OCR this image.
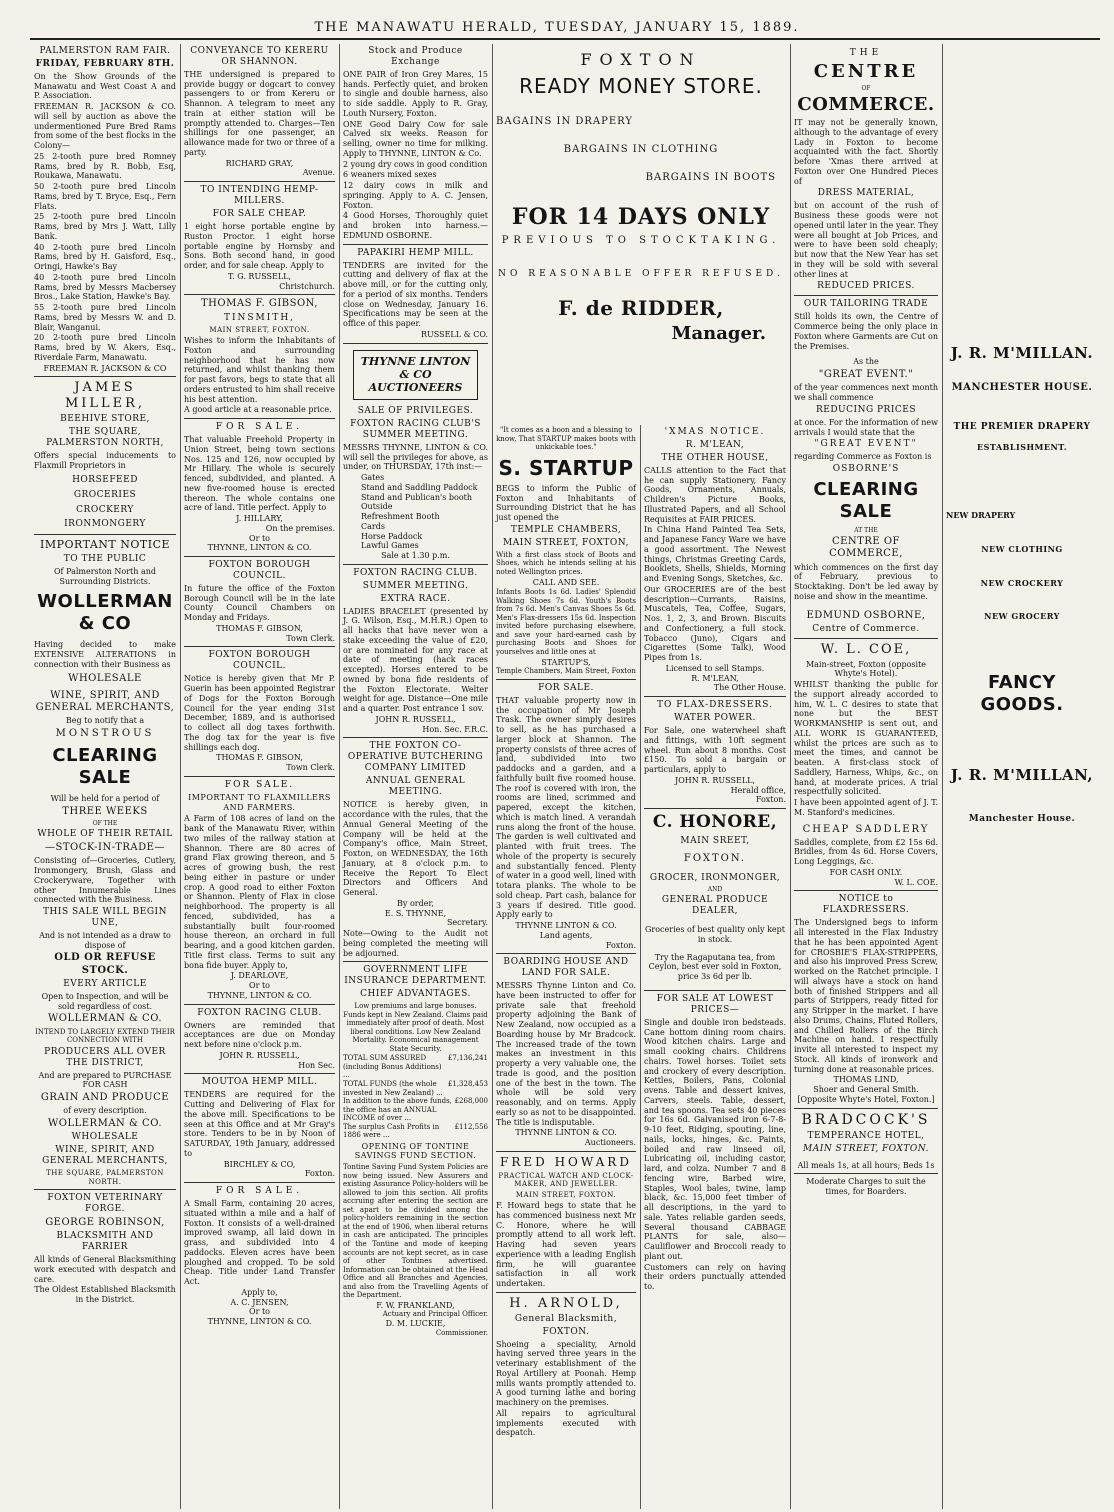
THE MANAWATU HERALD, TUESDAY, JANUARY 15, 1889.
PALMERSTON RAM FAIR.
FRIDAY, FEBRUARY 8TH.

On the Show Grounds of the Manawatu and West Coast A and P. Association.

FREEMAN R. JACKSON & CO. will sell by auction as above the undermentioned Pure Bred Rams from some of the best flocks in the Colony—

25 2-tooth pure bred Romney Rams, bred by R. Bobb, Esq, Roukawa, Manawatu.

50 2-tooth pure bred Lincoln Rams, bred by T. Bryce, Esq., Fern Flats.

25 2-tooth pure bred Lincoln Rams, bred by Mrs J. Watt, Lilly Bank.

40 2-tooth pure bred Lincoln Rams, bred by H. Gaisford, Esq., Oringi, Hawke's Bay

40 2-tooth pure bred Lincoln Rams, bred by Messrs Macbersey Bros., Lake Station, Hawke's Bay.

55 2-tooth pure bred Lincoln Rams, bred by Messrs W. and D. Blair, Wanganui.

20 2-tooth pure bred Lincoln Rams, bred by W. Akers, Esq., Riverdale Farm, Manawatu.

FREEMAN R. JACKSON & CO
JAMES MILLER,
BEEHIVE STORE,
THE SQUARE, PALMERSTON NORTH,

Offers special inducements to Flaxmill Proprietors in

HORSEFEED
GROCERIES
CROCKERY
IRONMONGERY
IMPORTANT NOTICE
TO THE PUBLIC
Of Palmerston North and Surrounding Districts.
WOLLERMAN & CO

Having decided to make EXTENSIVE ALTERATIONS in connection with their Business as

WHOLESALE
WINE, SPIRIT, AND GENERAL MERCHANTS,
Beg to notify that a
MONSTROUS
CLEARING SALE
Will be held for a period of
THREE WEEKS
OF THE
WHOLE OF THEIR RETAIL
—STOCK-IN-TRADE—

Consisting of—Groceries, Cutlery, Ironmongery, Brush, Glass and Crockeryware, Together with other Innumerable Lines connected with the Business.

THIS SALE WILL BEGIN UNE,
And is not intended as a draw to dispose of
OLD OR REFUSE STOCK.
EVERY ARTICLE
Open to Inspection, and will be sold regardless of cost.
WOLLERMAN & CO.
INTEND TO LARGELY EXTEND THEIR CONNECTION WITH
PRODUCERS ALL OVER THE DISTRICT,
And are prepared to PURCHASE FOR CASH
GRAIN AND PRODUCE
of every description.
WOLLERMAN & CO.
WHOLESALE
WINE, SPIRIT, AND GENERAL MERCHANTS,
THE SQUARE, PALMERSTON NORTH.
FOXTON VETERINARY FORGE.
GEORGE ROBINSON,
BLACKSMITH AND FARRIER

All kinds of General Blacksmithing work executed with despatch and care.

The Oldest Established Blacksmith in the District.
CONVEYANCE TO KERERU OR SHANNON.

THE undersigned is prepared to provide buggy or dogcart to convey passengers to or from Kereru or Shannon. A telegram to meet any train at either station will be promptly attended to. Charges—Ten shillings for one passenger, an allowance made for two or three of a party.

RICHARD GRAY,
Avenue.
TO INTENDING HEMP-MILLERS.
FOR SALE CHEAP.

1 eight horse portable engine by Ruston Proctor. 1 eight horse portable engine by Hornsby and Sons. Both second hand, in good order, and for sale cheap. Apply to

T. G. RUSSELL,
Christchurch.
THOMAS F. GIBSON,
TINSMITH,
MAIN STREET, FOXTON.

Wishes to inform the Inhabitants of Foxton and surrounding neighborhood that he has now returned, and whilst thanking them for past favors, begs to state that all orders entrusted to him shall receive his best attention.

A good article at a reasonable price.

FOR SALE.

That valuable Freehold Property in Union Street, being town sections Nos. 125 and 126, now occupied by Mr Hillary. The whole is securely fenced, subdivided, and planted. A new five-roomed house is erected thereon. The whole contains one acre of land. Title perfect. Apply to

J. HILLARY,
On the premises.
Or to
THYNNE, LINTON & CO.
FOXTON BOROUGH COUNCIL.

In future the office of the Foxton Borough Council will be in the late County Council Chambers on Monday and Fridays.

THOMAS F. GIBSON,
Town Clerk.
FOXTON BOROUGH COUNCIL.

Notice is hereby given that Mr P. Guerin has been appointed Registrar of Dogs for the Foxton Borough Council for the year ending 31st December, 1889, and is authorised to collect all dog taxes forthwith. The dog tax for the year is five shillings each dog.

THOMAS F. GIBSON,
Town Clerk.
FOR SALE.
IMPORTANT TO FLAXMILLERS AND FARMERS.

A Farm of 108 acres of land on the bank of the Manawatu River, within two miles of the railway station at Shannon. There are 80 acres of grand Flax growing thereon, and 5 acres of growing bush, the rest being either in pasture or under crop. A good road to either Foxton or Shannon. Plenty of Flax in close neighborhood. The property is all fenced, subdivided, has a substantially built four-roomed house thereon, an orchard in full bearing, and a good kitchen garden. Title first class. Terms to suit any bona fide buyer. Apply to,

J. DEARLOVE,
Or to
THYNNE, LINTON & CO.
FOXTON RACING CLUB.

Owners are reminded that acceptances are due on Monday next before nine o'clock p.m.

JOHN R. RUSSELL,
Hon Sec.
MOUTOA HEMP MILL.

TENDERS are required for the Cutting and Delivering of Flax for the above mill. Specifications to be seen at this Office and at Mr Gray's store. Tenders to be in by Noon of SATURDAY, 19th January, addressed to

BIRCHLEY & CO,
Foxton.
FOR SALE.

A Small Farm, containing 20 acres, situated within a mile and a half of Foxton. It consists of a well-drained improved swamp, all laid down in grass, and subdivided into 4 paddocks. Eleven acres have been ploughed and cropped. To be sold Cheap. Title under Land Transfer Act.

Apply to,
A. C. JENSEN,
Or to
THYNNE, LINTON & CO.
Stock and Produce Exchange

ONE PAIR of Iron Grey Mares, 15 hands. Perfectly quiet, and broken to single and double harness, also to side saddle. Apply to R. Gray, Louth Nursery, Foxton.

ONE Good Dairy Cow for sale Calved six weeks. Reason for selling, owner no time for milking. Apply to THYNNE, LINTON & Co.

2 young dry cows in good condition

6 weaners mixed sexes

12 dairy cows in milk and springing. Apply to A. C. Jensen, Foxton.

4 Good Horses, Thoroughly quiet and broken into harness.—EDMUND OSBORNE.

PAPAKIRI HEMP MILL.

TENDERS are invited for the cutting and delivery of flax at the above mill, or for the cutting only, for a period of six months. Tenders close on Wednesday, January 16. Specifications may be seen at the office of this paper.

RUSSELL & CO.
THYNNE LINTON & CO
AUCTIONEERS
SALE OF PRIVILEGES.
FOXTON RACING CLUB'S SUMMER MEETING.

MESSRS THYNNE, LINTON & CO. will sell the privileges for above, as under, on THURSDAY, 17th inst:—

Gates
Stand and Saddling Paddock
Stand and Publican's booth
Outside
Refreshment Booth
Cards
Horse Paddock
Lawful Games
Sale at 1.30 p.m.
FOXTON RACING CLUB.
SUMMER MEETING.
EXTRA RACE.

LADIES BRACELET (presented by J. G. Wilson, Esq., M.H.R.) Open to all hacks that have never won a stake exceeding the value of £20, or are nominated for any race at date of meeting (hack races excepted). Horses entered to be owned by bona fide residents of the Foxton Electorate. Welter weight for age. Distance—One mile and a quarter. Post entrance 1 sov.

JOHN R. RUSSELL,
Hon. Sec. F.R.C.
THE FOXTON CO-OPERATIVE BUTCHERING COMPANY LIMITED
ANNUAL GENERAL MEETING.

NOTICE is hereby given, in accordance with the rules, that the Annual General Meeting of the Company will be held at the Company's office, Main Street, Foxton, on WEDNESDAY, the 16th January, at 8 o'clock p.m. to Receive the Report To Elect Directors and Officers And General.

By order,
E. S. THYNNE,
Secretary.

Note—Owing to the Audit not being completed the meeting will be adjourned.

GOVERNMENT LIFE INSURANCE DEPARTMENT.
CHIEF ADVANTAGES.

Low premiums and large bonuses. Funds kept in New Zealand. Claims paid immediately after proof of death. Most liberal conditions. Low New Zealand Mortality. Economical management State Security.

TOTAL SUM ASSURED (including Bonus Additions) ...
£7,136,241
TOTAL FUNDS (the whole invested in New Zealand) ...
£1,328,453
In addition to the above funds, the office has an ANNUAL INCOME of over ...
£268,000
The surplus Cash Profits in 1886 were ...
£112,556
OPENING OF TONTINE SAVINGS FUND SECTION.

Tontine Saving Fund System Policies are now being issued. New Assurers and existing Assurance Policy-holders will be allowed to join this section. All profits accruing after entering the section are set apart to be divided among the policy-holders remaining in the section at the end of 1906, when liberal returns in cash are anticipated. The principles of the Tontine and mode of keeping accounts are not kept secret, as in case of other Tontines advertised. Information can be obtained at the Head Office and all Branches and Agencies, and also from the Travelling Agents of the Department.

F. W. FRANKLAND,
Actuary and Principal Officer.
D. M. LUCKIE,
Commissioner.
FOXTON
READY MONEY STORE.
BAGAINS IN DRAPERY
BARGAINS IN CLOTHING
BARGAINS IN BOOTS
FOR 14 DAYS ONLY
PREVIOUS TO STOCKTAKING.
NO REASONABLE OFFER REFUSED.
F. de RIDDER,
Manager.

"It comes as a boon and a blessing to know, That STARTUP makes boots with unkickable toes."

S. STARTUP

BEGS to inform the Public of Foxton and Inhabitants of Surrounding District that he has just opened the

TEMPLE CHAMBERS,
MAIN STREET, FOXTON,

With a first class stock of Boots and Shoes, which he intends selling at his noted Wellington prices.

CALL AND SEE.

Infants Boots 1s 6d. Ladies' Splendid Walking Shoes 7s 6d. Youth's Boots from 7s 6d. Men's Canvas Shoes 5s 6d. Men's Flax-dressers 15s 6d. Inspection invited before purchasing elsewhere, and save your hard-earned cash by purchasing Boots and Shoes for yourselves and little ones at

STARTUP'S,
Temple Chambers, Main Street, Foxton
FOR SALE.

THAT valuable property now in the occupation of Mr Joseph Trask. The owner simply desires to sell, as he has purchased a larger block at Shannon. The property consists of three acres of land, subdivided into two paddocks and a garden, and a faithfully built five roomed house. The roof is covered with iron, the rooms are lined, scrimmed and papered, except the kitchen, which is match lined. A verandah runs along the front of the house. The garden is well cultivated and planted with fruit trees. The whole of the property is securely and substantially fenced. Plenty of water in a good well, lined with totara planks. The whole to be sold cheap. Part cash, balance for 3 years if desired. Title good. Apply early to

THYNNE LINTON & CO.
Land agents,
Foxton.
BOARDING HOUSE AND LAND FOR SALE.

MESSRS Thynne Linton and Co. have been instructed to offer for private sale that freehold property adjoining the Bank of New Zealand, now occupied as a Boarding house by Mr Bradcock. The increased trade of the town makes an investment in this property a very valuable one, the trade is good, and the position one of the best in the town. The whole will be sold very reasonably, and on terms. Apply early so as not to be disappointed. The title is indisputable.

THYNNE LINTON & CO.
Auctioneers.
FRED HOWARD
PRACTICAL WATCH AND CLOCK-MAKER, AND JEWELLER.
MAIN STREET, FOXTON.

F. Howard begs to state that he has commenced business next Mr C. Honore, where he will promptly attend to all work left. Having had seven years experience with a leading English firm, he will guarantee satisfaction in all work undertaken.

H. ARNOLD,
General Blacksmith,
FOXTON.

Shoeing a speciality, Arnold having served three years in the veterinary establishment of the Royal Artillery at Poonah. Hemp mills wants promptly attended to. A good turning lathe and boring machinery on the premises.

All repairs to agricultural implements executed with despatch.

'XMAS NOTICE.
R. M'LEAN,
THE OTHER HOUSE,

CALLS attention to the Fact that he can supply Stationery, Fancy Goods, Ornaments, Annuals, Children's Picture Books, Illustrated Papers, and all School Requisites at FAIR PRICES.

In China Hand Painted Tea Sets, and Japanese Fancy Ware we have a good assortment. The Newest things, Christmas Greeting Cards, Booklets, Shells, Shields, Morning and Evening Songs, Sketches, &c.

Our GROCERIES are of the best description—Currants, Raisins, Muscatels, Tea, Coffee, Sugars, Nos. 1, 2, 3, and Brown. Biscuits and Confectionery, a full stock. Tobacco (Juno), Cigars and Cigarettes (Some Talk), Wood Pipes from 1s.

Licensed to sell Stamps.
R. M'LEAN,
The Other House.
TO FLAX-DRESSERS.
WATER POWER.

For Sale, one waterwheel shaft and fittings, with 10ft segment wheel. Run about 8 months. Cost £150. To sold a bargain or particulars, apply to

JOHN R. RUSSELL,
Herald office,
Foxton.
C. HONORE,
MAIN SREET,
FOXTON.
GROCER, IRONMONGER,
AND
GENERAL PRODUCE DEALER,

Groceries of best quality only kept in stock.

Try the Ragaputana tea, from Ceylon, best ever sold in Foxton, price 3s 6d per lb.

FOR SALE AT LOWEST PRICES—

Single and double iron bedsteads. Cane bottom dining room chairs. Wood kitchen chairs. Large and small cooking chairs. Childrens chairs. Towel horses. Toilet sets and crockery of every description. Kettles, Boilers, Pans, Colonial ovens. Table and dessert knives, Carvers, steels. Table, dessert, and tea spoons. Tea sets 40 pieces for 16s 6d. Galvanised iron 6-7-8-9-10 feet, Ridging, spouting, line, nails, locks, hinges, &c. Paints, boiled and raw linseed oil, Lubricating oil, including castor, lard, and colza. Number 7 and 8 fencing wire, Barbed wire, Staples, Wool bales, twine, lamp black, &c. 15,000 feet timber of all descriptions, in the yard to sale. Yates reliable garden seeds, Several thousand CABBAGE PLANTS for sale, also—Cauliflower and Broccoli ready to plant out.

Customers can rely on having their orders punctually attended to.

THE
CENTRE
OF
COMMERCE.

IT may not be generally known, although to the advantage of every Lady in Foxton to become acquainted with the fact. Shortly before 'Xmas there arrived at Foxton over One Hundred Pieces of

DRESS MATERIAL,

but on account of the rush of Business these goods were not opened until later in the year. They were all bought at Job Prices, and were to have been sold cheaply; but now that the New Year has set in they will be sold with several other lines at

REDUCED PRICES.
OUR TAILORING TRADE

Still holds its own, the Centre of Commerce being the only place in Foxton where Garments are Cut on the Premises.

As the
"GREAT EVENT."

of the year commences next month we shall commence

REDUCING PRICES

at once. For the information of new arrivals I would state that the

"GREAT EVENT"

regarding Commerce as Foxton is

OSBORNE'S
CLEARING SALE
AT THE
CENTRE OF COMMERCE,

which commences on the first day of February, previous to Stocktaking. Don't be led away by noise and show in the meantime.

EDMUND OSBORNE,
Centre of Commerce.
W. L. COE,
Main-street, Foxton (opposite Whyte's Hotel).

WHILST thanking the public for the support already accorded to him, W. L. C desires to state that none but the BEST WORKMANSHIP is sent out, and ALL WORK IS GUARANTEED, whilst the prices are such as to meet the times, and cannot be beaten. A first-class stock of Saddlery, Harness, Whips, &c., on hand, at moderate prices. A trial respectfully solicited.

I have been appointed agent of J. T. M. Stanford's medicines.

CHEAP SADDLERY

Saddles, complete, from £2 15s 6d. Bridles, from 4s 6d. Horse Covers, Long Leggings, &c.

FOR CASH ONLY.
W. L. COE.
NOTICE to FLAXDRESSERS.

The Undersigned begs to inform all interested in the Flax Industry that he has been appointed Agent for CROSBIE'S FLAX-STRIPPERS, and also his improved Press Screw, worked on the Ratchet principle. I will always have a stock on hand both of finished Strippers and all parts of Strippers, ready fitted for any Stripper in the market. I have also Drums, Chains, Fluted Rollers, and Chilled Rollers of the Birch Machine on hand. I respectfully invite all interested to inspect my Stock. All kinds of ironwork and turning done at reasonable prices.

THOMAS LIND,
Shoer and General Smith.
[Opposite Whyte's Hotel, Foxton.]
BRADCOCK'S
TEMPERANCE HOTEL,
MAIN STREET, FOXTON.
All meals 1s, at all hours; Beds 1s
Moderate Charges to suit the times, for Boarders.
J. R. M'MILLAN.
MANCHESTER HOUSE.
THE PREMIER DRAPERY
ESTABLISHMENT.
NEW DRAPERY
NEW CLOTHING
NEW CROCKERY
NEW GROCERY
FANCY GOODS.
J. R. M'MILLAN,
Manchester House.
